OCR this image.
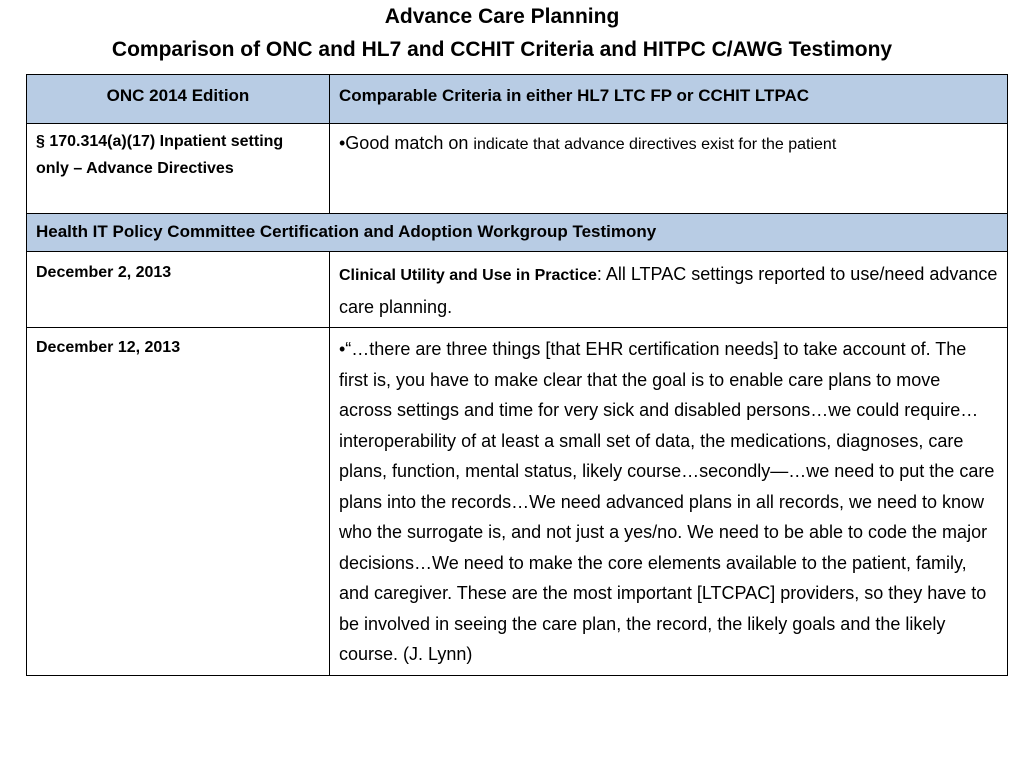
Advance Care Planning
Comparison of ONC and HL7 and CCHIT Criteria and HITPC C/AWG Testimony
ONC 2014 Edition	Comparable Criteria in either HL7 LTC FP or CCHIT LTPAC
§ 170.314(a)(17) Inpatient setting only – Advance Directives	•Good match on indicate that advance directives exist for the patient
Health IT Policy Committee Certification and Adoption Workgroup Testimony	
December 2, 2013	Clinical Utility and Use in Practice: All LTPAC settings reported to use/need advance care planning.
December 12, 2013	•“…there are three things [that EHR certification needs] to take account of. The first is, you have to make clear that the goal is to enable care plans to move across settings and time for very sick and disabled persons…we could require…interoperability of at least a small set of data, the medications, diagnoses, care plans, function, mental status, likely course…secondly—…we need to put the care plans into the records…We need advanced plans in all records, we need to know who the surrogate is, and not just a yes/no. We need to be able to code the major decisions…We need to make the core elements available to the patient, family, and caregiver. These are the most important [LTCPAC] providers, so they have to be involved in seeing the care plan, the record, the likely goals and the likely course. (J. Lynn)
